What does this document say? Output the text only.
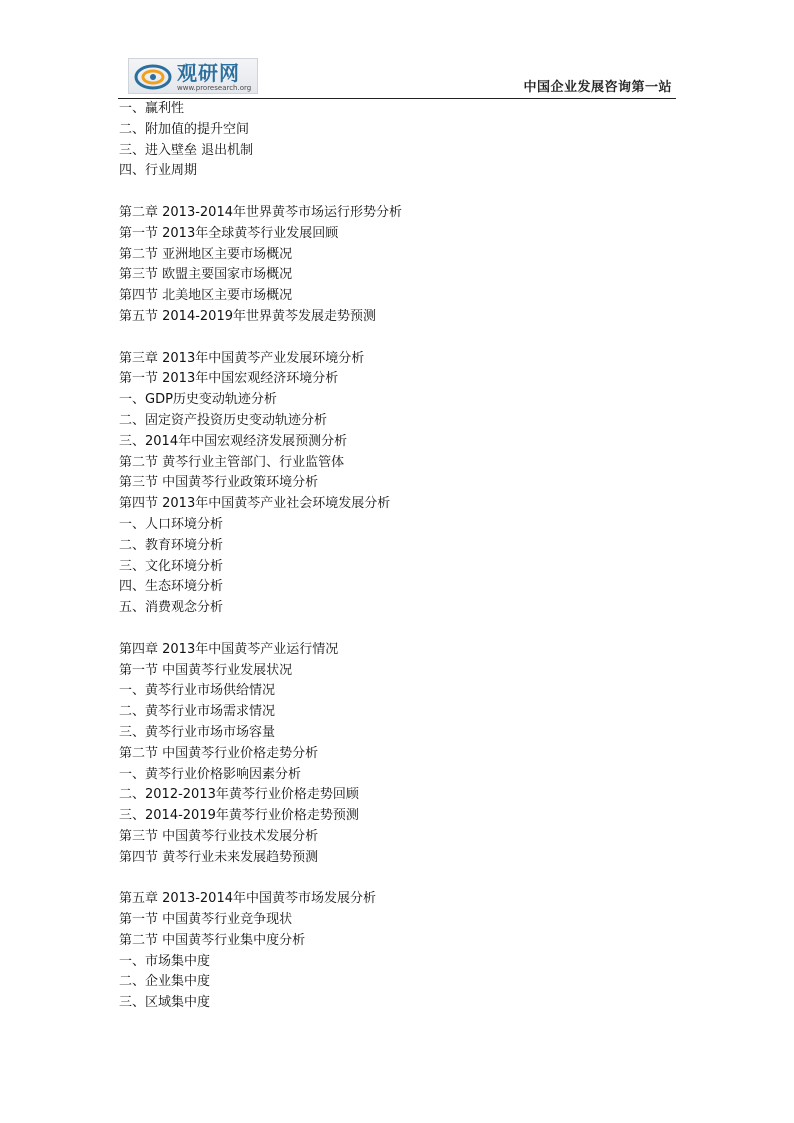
观研网
www.proresearch.org	中国企业发展咨询第一站
一、赢利性
二、附加值的提升空间
三、进入壁垒 退出机制
四、行业周期
第二章 2013-2014年世界黄芩市场运行形势分析
第一节 2013年全球黄芩行业发展回顾
第二节 亚洲地区主要市场概况
第三节 欧盟主要国家市场概况
第四节 北美地区主要市场概况
第五节 2014-2019年世界黄芩发展走势预测
第三章 2013年中国黄芩产业发展环境分析
第一节 2013年中国宏观经济环境分析
一、GDP历史变动轨迹分析
二、固定资产投资历史变动轨迹分析
三、2014年中国宏观经济发展预测分析
第二节 黄芩行业主管部门、行业监管体
第三节 中国黄芩行业政策环境分析
第四节 2013年中国黄芩产业社会环境发展分析
一、人口环境分析
二、教育环境分析
三、文化环境分析
四、生态环境分析
五、消费观念分析
第四章 2013年中国黄芩产业运行情况
第一节 中国黄芩行业发展状况
一、黄芩行业市场供给情况
二、黄芩行业市场需求情况
三、黄芩行业市场市场容量
第二节 中国黄芩行业价格走势分析
一、黄芩行业价格影响因素分析
二、2012-2013年黄芩行业价格走势回顾
三、2014-2019年黄芩行业价格走势预测
第三节 中国黄芩行业技术发展分析
第四节 黄芩行业未来发展趋势预测
第五章 2013-2014年中国黄芩市场发展分析
第一节 中国黄芩行业竞争现状
第二节 中国黄芩行业集中度分析
一、市场集中度
二、企业集中度
三、区域集中度
